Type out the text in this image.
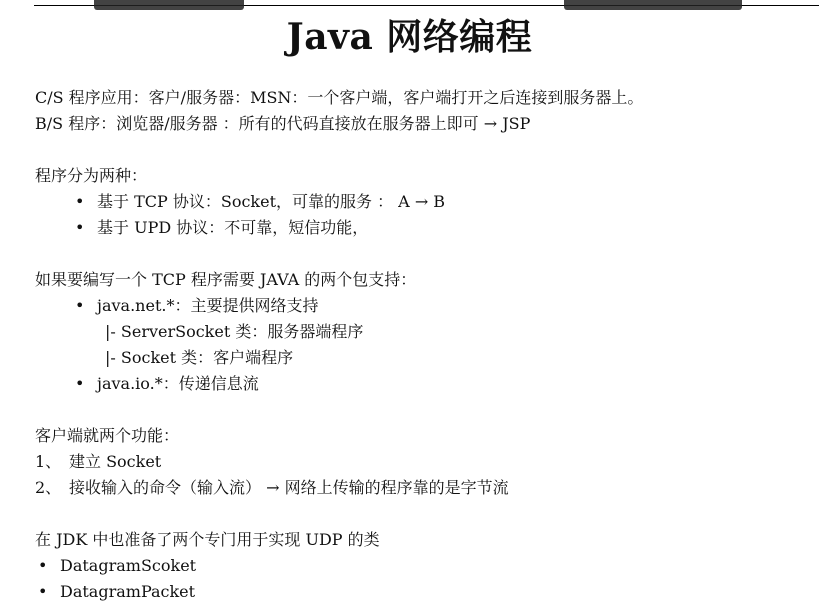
Java 网络编程
C/S 程序应用：客户/服务器：MSN：一个客户端，客户端打开之后连接到服务器上。
B/S 程序：浏览器/服务器 ：所有的代码直接放在服务器上即可 → JSP
程序分为两种：
• 基于 TCP 协议：Socket，可靠的服务 ： A → B
• 基于 UPD 协议：不可靠，短信功能，
如果要编写一个 TCP 程序需要 JAVA 的两个包支持：
• java.net.*：主要提供网络支持
|- ServerSocket 类：服务器端程序
|- Socket 类：客户端程序
• java.io.*：传递信息流
客户端就两个功能：
1、 建立 Socket
2、 接收输入的命令（输入流） → 网络上传输的程序靠的是字节流
在 JDK 中也准备了两个专门用于实现 UDP 的类
• DatagramScoket
• DatagramPacket
